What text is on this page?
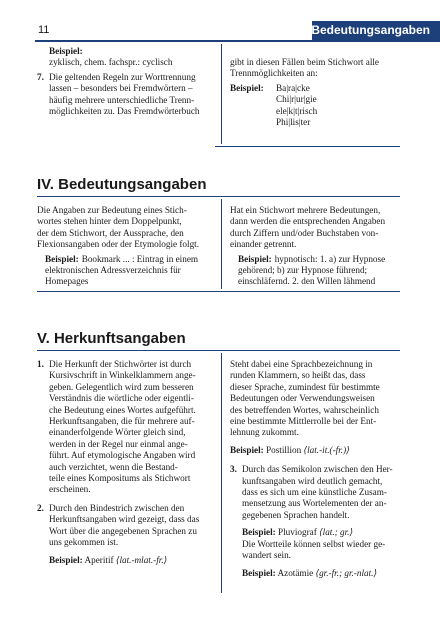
11	Bedeutungsangaben

Beispiel:

zyklisch, chem. fachspr.: cyclisch

7. Die geltenden Regeln zur Worttrennung

lassen – besonders bei Fremdwörtern –

häufig mehrere unterschiedliche Trenn-

möglichkeiten zu. Das Fremdwörterbuch

gibt in diesen Fällen beim Stichwort alle

Trennmöglichkeiten an:

Beispiel:	Ba|ra|cke

Chi|r|ur|gie

ele|k|t|risch

Phi|lis|ter

IV. Bedeutungsangaben

Die Angaben zur Bedeutung eines Stich-

wortes stehen hinter dem Doppelpunkt,

der dem Stichwort, der Aussprache, den

Flexionsangaben oder der Etymologie folgt.

Beispiel: Bookmark ... : Eintrag in einem

elektronischen Adressverzeichnis für

Homepages

Hat ein Stichwort mehrere Bedeutungen,

dann werden die entsprechenden Angaben

durch Ziffern und/oder Buchstaben von-

einander getrennt.

Beispiel: hypnotisch: 1. a) zur Hypnose

gehörend; b) zur Hypnose führend;

einschläfernd. 2. den Willen lähmend

V. Herkunftsangaben
1. Die Herkunft der Stichwörter ist durch

Kursivschrift in Winkelklammern ange-

geben. Gelegentlich wird zum besseren

Verständnis die wörtliche oder eigentli-

che Bedeutung eines Wortes aufgeführt.

Herkunftsangaben, die für mehrere auf-

einanderfolgende Wörter gleich sind,

werden in der Regel nur einmal ange-

führt. Auf etymologische Angaben wird

auch verzichtet, wenn die Bestand-

teile eines Kompositums als Stichwort

erscheinen.

2. Durch den Bindestrich zwischen den

Herkunftsangaben wird gezeigt, dass das

Wort über die angegebenen Sprachen zu

uns gekommen ist.

Beispiel: Aperitif ⟨lat.-mlat.-fr.⟩

Steht dabei eine Sprachbezeichnung in

runden Klammern, so heißt das, dass

dieser Sprache, zumindest für bestimmte

Bedeutungen oder Verwendungsweisen

des betreffenden Wortes, wahrscheinlich

eine bestimmte Mittlerrolle bei der Ent-

lehnung zukommt.

Beispiel: Postillion ⟨lat.-it.(-fr.)⟩

3. Durch das Semikolon zwischen den Her-

kunftsangaben wird deutlich gemacht,

dass es sich um eine künstliche Zusam-

mensetzung aus Wortelementen der an-

gegebenen Sprachen handelt.

Beispiel: Pluviograf ⟨lat.; gr.⟩

Die Wortteile können selbst wieder ge-

wandert sein.

Beispiel: Azotämie ⟨gr.-fr.; gr.-nlat.⟩
